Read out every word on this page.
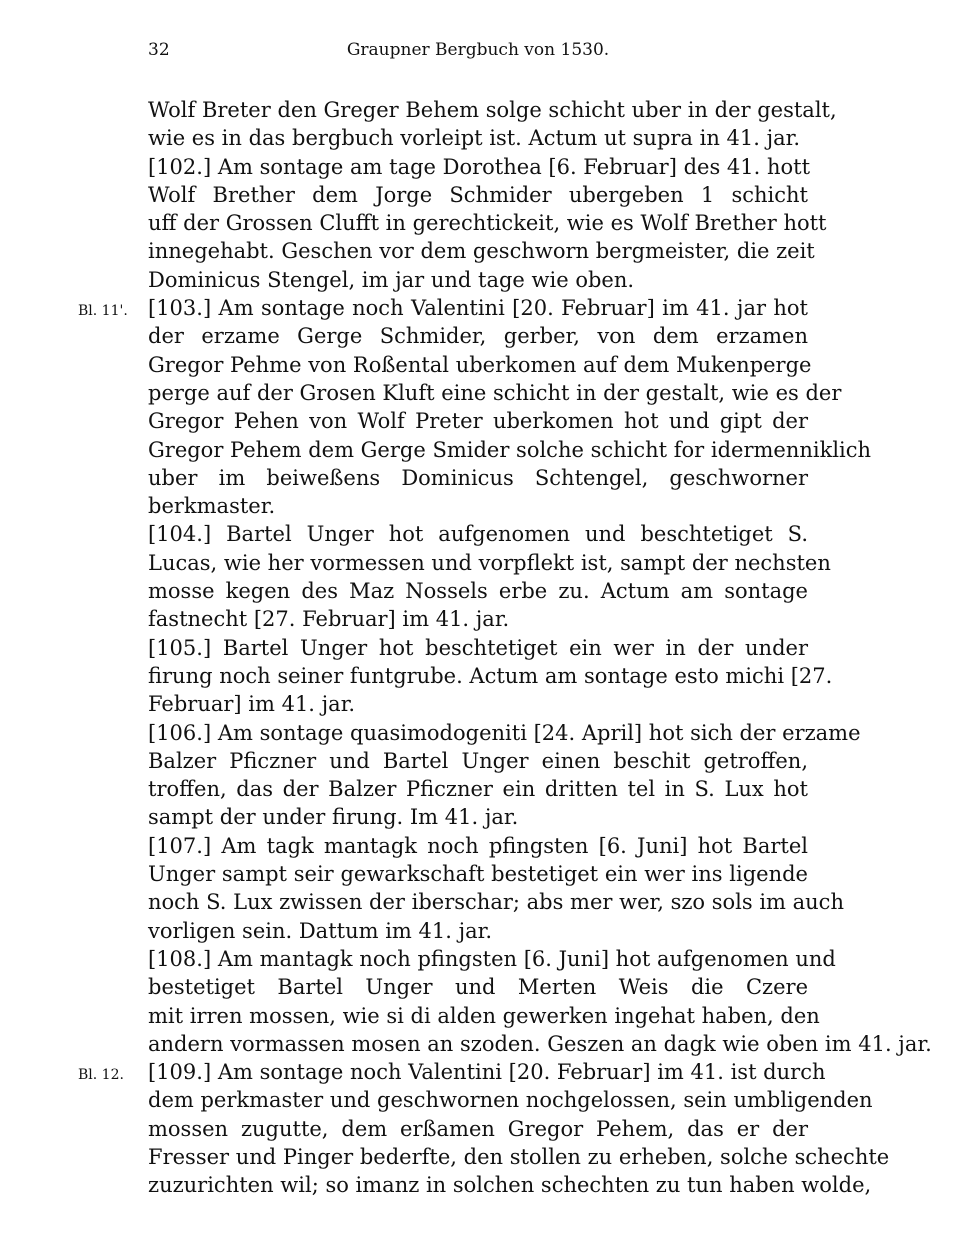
32	Graupner Bergbuch von 1530.
Wolf Breter den Greger Behem solge schicht uber in der gestalt,
wie es in das bergbuch vorleipt ist. Actum ut supra in 41. jar.
[102.] Am sontage am tage Dorothea [6. Februar] des 41. hott
Wolf Brether dem Jorge Schmider ubergeben 1 schicht
uff der Grossen Clufft in gerechtickeit, wie es Wolf Brether hott
innegehabt. Geschen vor dem geschworn bergmeister, die zeit
Dominicus Stengel, im jar und tage wie oben.
[103.] Am sontage noch Valentini [20. Februar] im 41. jar hot
Bl. 11'.
der erzame Gerge Schmider, gerber, von dem erzamen
Gregor Pehme von Roßental uberkomen auf dem Mukenperge
perge auf der Grosen Kluft eine schicht in der gestalt, wie es der
Gregor Pehen von Wolf Preter uberkomen hot und gipt der
Gregor Pehem dem Gerge Smider solche schicht for idermenniklich
uber im beiweßens Dominicus Schtengel, geschworner
berkmaster.
[104.] Bartel Unger hot aufgenomen und beschtetiget S.
Lucas, wie her vormessen und vorpflekt ist, sampt der nechsten
mosse kegen des Maz Nossels erbe zu. Actum am sontage
fastnecht [27. Februar] im 41. jar.
[105.] Bartel Unger hot beschtetiget ein wer in der under
firung noch seiner funtgrube. Actum am sontage esto michi [27.
Februar] im 41. jar.
[106.] Am sontage quasimodogeniti [24. April] hot sich der erzame
Balzer Pficzner und Bartel Unger einen beschit getroffen,
troffen, das der Balzer Pficzner ein dritten tel in S. Lux hot
sampt der under firung. Im 41. jar.
[107.] Am tagk mantagk noch pfingsten [6. Juni] hot Bartel
Unger sampt seir gewarkschaft bestetiget ein wer ins ligende
noch S. Lux zwissen der iberschar; abs mer wer, szo sols im auch
vorligen sein. Dattum im 41. jar.
[108.] Am mantagk noch pfingsten [6. Juni] hot aufgenomen und
bestetiget Bartel Unger und Merten Weis die Czere
mit irren mossen, wie si di alden gewerken ingehat haben, den
andern vormassen mosen an szoden. Geszen an dagk wie oben im 41. jar.
[109.] Am sontage noch Valentini [20. Februar] im 41. ist durch
Bl. 12.
dem perkmaster und geschwornen nochgelossen, sein umbligenden
mossen zugutte, dem erßamen Gregor Pehem, das er der
Fresser und Pinger bederfte, den stollen zu erheben, solche schechte
zuzurichten wil; so imanz in solchen schechten zu tun haben wolde,
